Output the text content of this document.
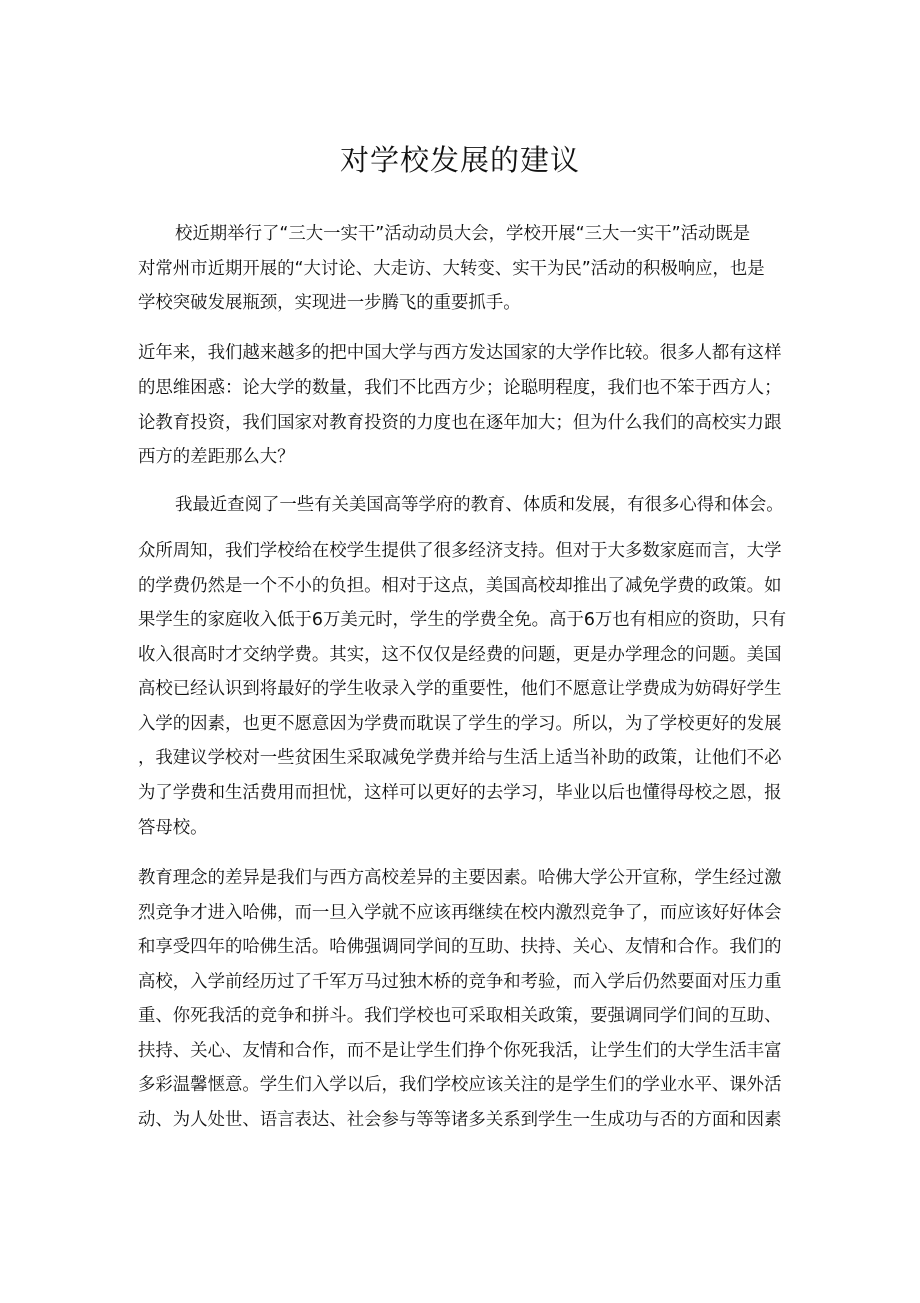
对学校发展的建议

校近期举行了“三大一实干”活动动员大会，学校开展“三大一实干”活动既是

对常州市近期开展的“大讨论、大走访、大转变、实干为民”活动的积极响应，也是

学校突破发展瓶颈，实现进一步腾飞的重要抓手。

近年来，我们越来越多的把中国大学与西方发达国家的大学作比较。很多人都有这样

的思维困惑：论大学的数量，我们不比西方少；论聪明程度，我们也不笨于西方人；

论教育投资，我们国家对教育投资的力度也在逐年加大；但为什么我们的高校实力跟

西方的差距那么大？

我最近查阅了一些有关美国高等学府的教育、体质和发展，有很多心得和体会。

众所周知，我们学校给在校学生提供了很多经济支持。但对于大多数家庭而言，大学

的学费仍然是一个不小的负担。相对于这点，美国高校却推出了减免学费的政策。如

果学生的家庭收入低于6万美元时，学生的学费全免。高于6万也有相应的资助，只有

收入很高时才交纳学费。其实，这不仅仅是经费的问题，更是办学理念的问题。美国

高校已经认识到将最好的学生收录入学的重要性，他们不愿意让学费成为妨碍好学生

入学的因素，也更不愿意因为学费而耽误了学生的学习。所以，为了学校更好的发展

，我建议学校对一些贫困生采取减免学费并给与生活上适当补助的政策，让他们不必

为了学费和生活费用而担忧，这样可以更好的去学习，毕业以后也懂得母校之恩，报

答母校。

教育理念的差异是我们与西方高校差异的主要因素。哈佛大学公开宣称，学生经过激

烈竞争才进入哈佛，而一旦入学就不应该再继续在校内激烈竞争了，而应该好好体会

和享受四年的哈佛生活。哈佛强调同学间的互助、扶持、关心、友情和合作。我们的

高校，入学前经历过了千军万马过独木桥的竞争和考验，而入学后仍然要面对压力重

重、你死我活的竞争和拼斗。我们学校也可采取相关政策，要强调同学们间的互助、

扶持、关心、友情和合作，而不是让学生们挣个你死我活，让学生们的大学生活丰富

多彩温馨惬意。学生们入学以后，我们学校应该关注的是学生们的学业水平、课外活

动、为人处世、语言表达、社会参与等等诸多关系到学生一生成功与否的方面和因素
